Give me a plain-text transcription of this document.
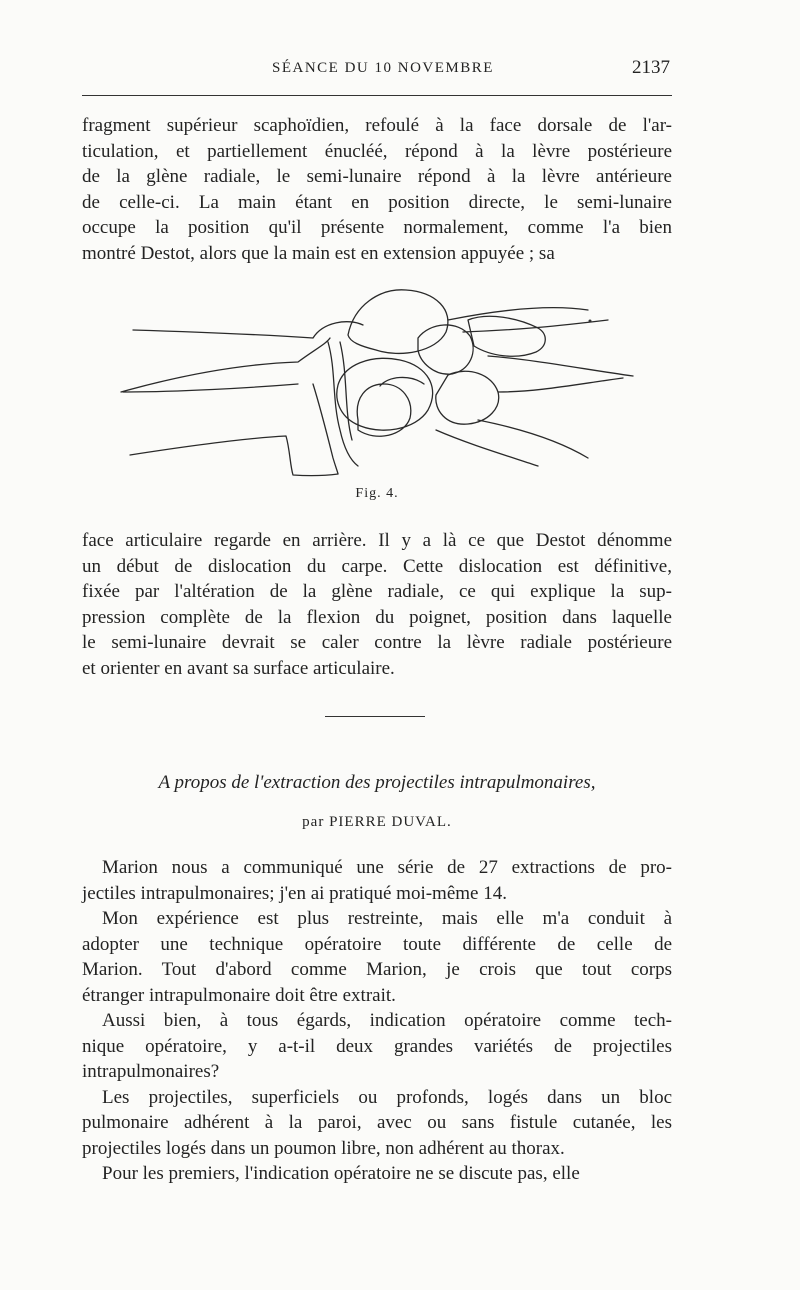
SÉANCE DU 10 NOVEMBRE	2137
fragment supérieur scaphoïdien, refoulé à la face dorsale de l'ar-
ticulation, et partiellement énucléé, répond à la lèvre postérieure
de la glène radiale, le semi-lunaire répond à la lèvre antérieure
de celle-ci. La main étant en position directe, le semi-lunaire
occupe la position qu'il présente normalement, comme l'a bien
montré Destot, alors que la main est en extension appuyée ; sa
Fig. 4.
face articulaire regarde en arrière. Il y a là ce que Destot dénomme
un début de dislocation du carpe. Cette dislocation est définitive,
fixée par l'altération de la glène radiale, ce qui explique la sup-
pression complète de la flexion du poignet, position dans laquelle
le semi-lunaire devrait se caler contre la lèvre radiale postérieure
et orienter en avant sa surface articulaire.
A propos de l'extraction des projectiles intrapulmonaires,
par PIERRE DUVAL.
Marion nous a communiqué une série de 27 extractions de pro-
jectiles intrapulmonaires; j'en ai pratiqué moi-même 14.
Mon expérience est plus restreinte, mais elle m'a conduit à
adopter une technique opératoire toute différente de celle de
Marion. Tout d'abord comme Marion, je crois que tout corps
étranger intrapulmonaire doit être extrait.
Aussi bien, à tous égards, indication opératoire comme tech-
nique opératoire, y a-t-il deux grandes variétés de projectiles
intrapulmonaires?
Les projectiles, superficiels ou profonds, logés dans un bloc
pulmonaire adhérent à la paroi, avec ou sans fistule cutanée, les
projectiles logés dans un poumon libre, non adhérent au thorax.
Pour les premiers, l'indication opératoire ne se discute pas, elle
